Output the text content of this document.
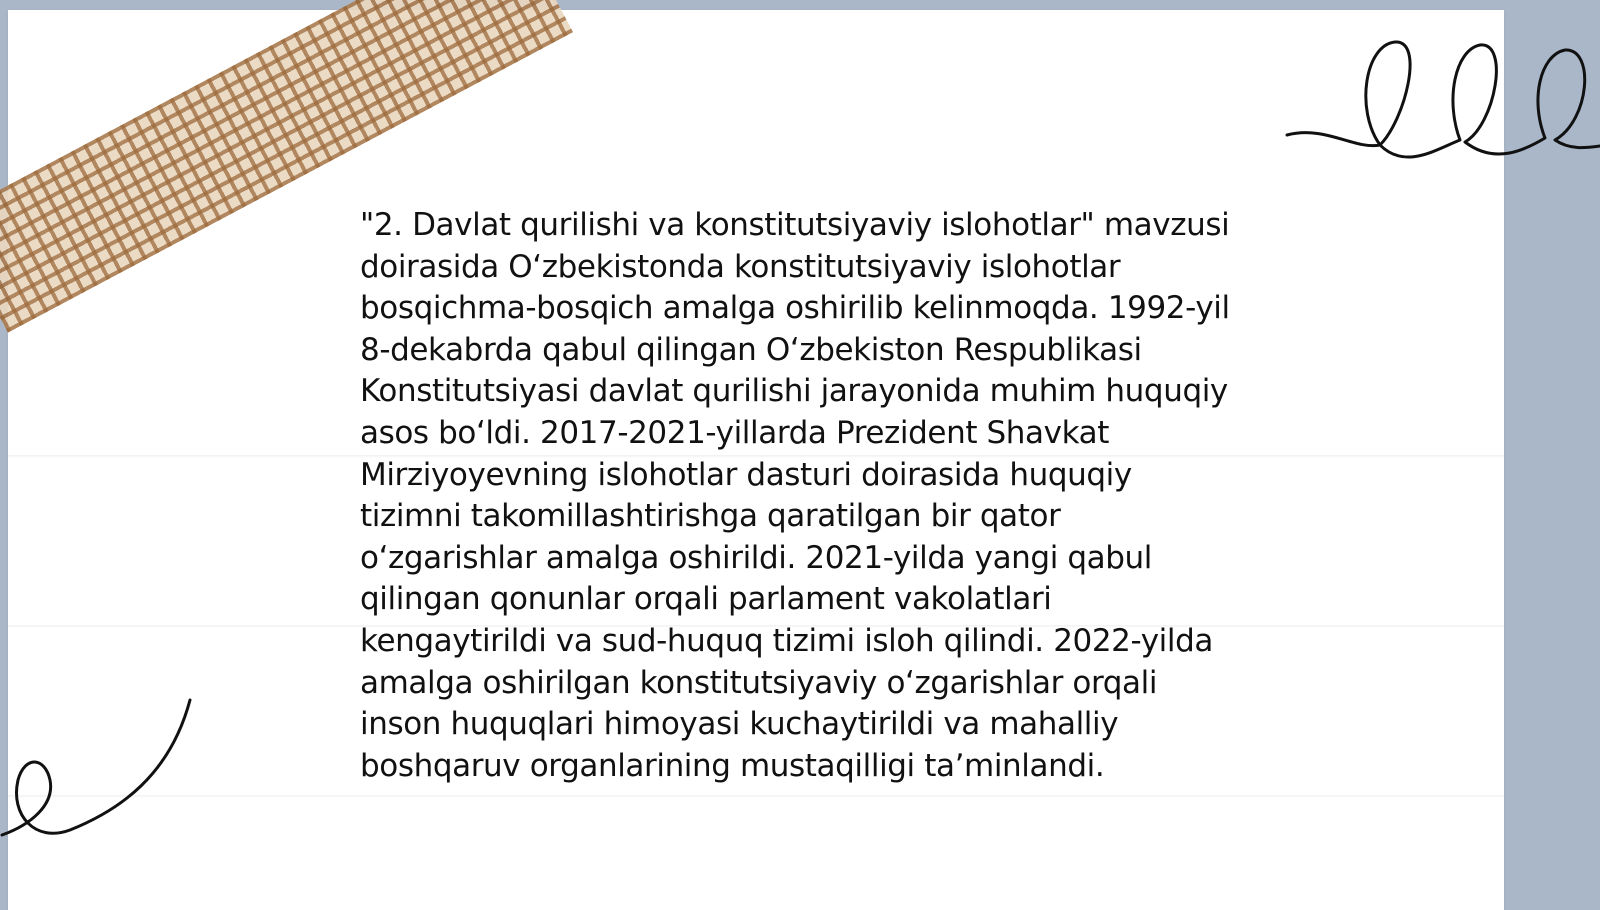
"2. Davlat qurilishi va konstitutsiyaviy islohotlar" mavzusi doirasida O‘zbekistonda konstitutsiyaviy islohotlar bosqichma-bosqich amalga oshirilib kelinmoqda. 1992-yil 8-dekabrda qabul qilingan O‘zbekiston Respublikasi Konstitutsiyasi davlat qurilishi jarayonida muhim huquqiy asos bo‘ldi. 2017-2021-yillarda Prezident Shavkat Mirziyoyevning islohotlar dasturi doirasida huquqiy tizimni takomillashtirishga qaratilgan bir qator o‘zgarishlar amalga oshirildi. 2021-yilda yangi qabul qilingan qonunlar orqali parlament vakolatlari kengaytirildi va sud-huquq tizimi isloh qilindi. 2022-yilda amalga oshirilgan konstitutsiyaviy o‘zgarishlar orqali inson huquqlari himoyasi kuchaytirildi va mahalliy boshqaruv organlarining mustaqilligi ta’minlandi.
